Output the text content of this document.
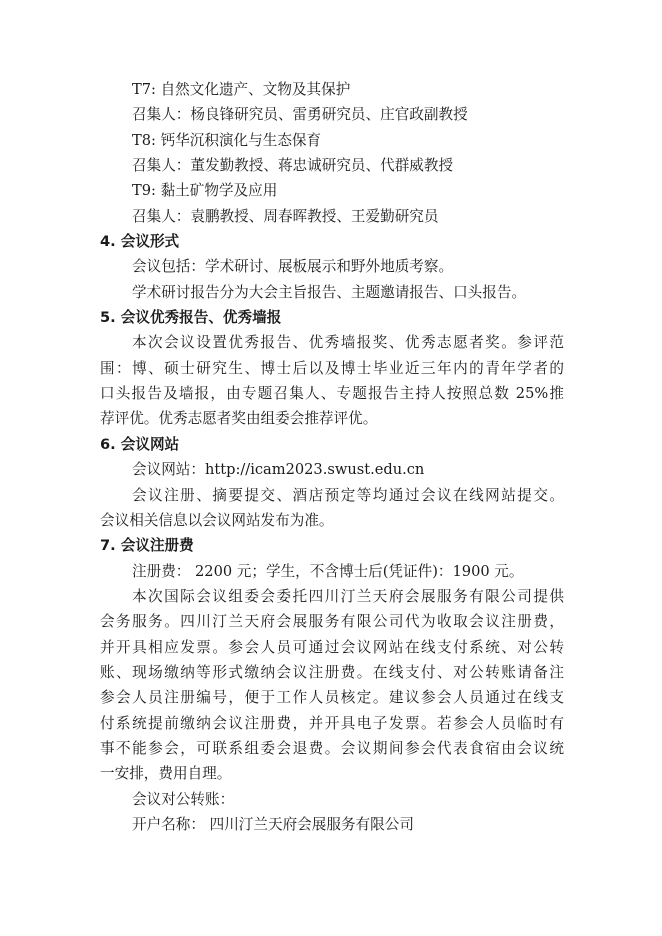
T7: 自然文化遗产、文物及其保护
召集人：杨良锋研究员、雷勇研究员、庄官政副教授
T8: 钙华沉积演化与生态保育
召集人：董发勤教授、蒋忠诚研究员、代群威教授
T9: 黏土矿物学及应用
召集人：袁鹏教授、周春晖教授、王爱勤研究员
4. 会议形式
会议包括：学术研讨、展板展示和野外地质考察。
学术研讨报告分为大会主旨报告、主题邀请报告、口头报告。
5. 会议优秀报告、优秀墙报
本次会议设置优秀报告、优秀墙报奖、优秀志愿者奖。参评范
围：博、硕士研究生、博士后以及博士毕业近三年内的青年学者的
口头报告及墙报，由专题召集人、专题报告主持人按照总数 25%推
荐评优。优秀志愿者奖由组委会推荐评优。
6. 会议网站
会议网站：http://icam2023.swust.edu.cn
会议注册、摘要提交、酒店预定等均通过会议在线网站提交。
会议相关信息以会议网站发布为准。
7. 会议注册费
注册费： 2200 元；学生，不含博士后(凭证件)：1900 元。
本次国际会议组委会委托四川汀兰天府会展服务有限公司提供
会务服务。四川汀兰天府会展服务有限公司代为收取会议注册费，
并开具相应发票。参会人员可通过会议网站在线支付系统、对公转
账、现场缴纳等形式缴纳会议注册费。在线支付、对公转账请备注
参会人员注册编号，便于工作人员核定。建议参会人员通过在线支
付系统提前缴纳会议注册费，并开具电子发票。若参会人员临时有
事不能参会，可联系组委会退费。会议期间参会代表食宿由会议统
一安排，费用自理。
会议对公转账：
开户名称： 四川汀兰天府会展服务有限公司
